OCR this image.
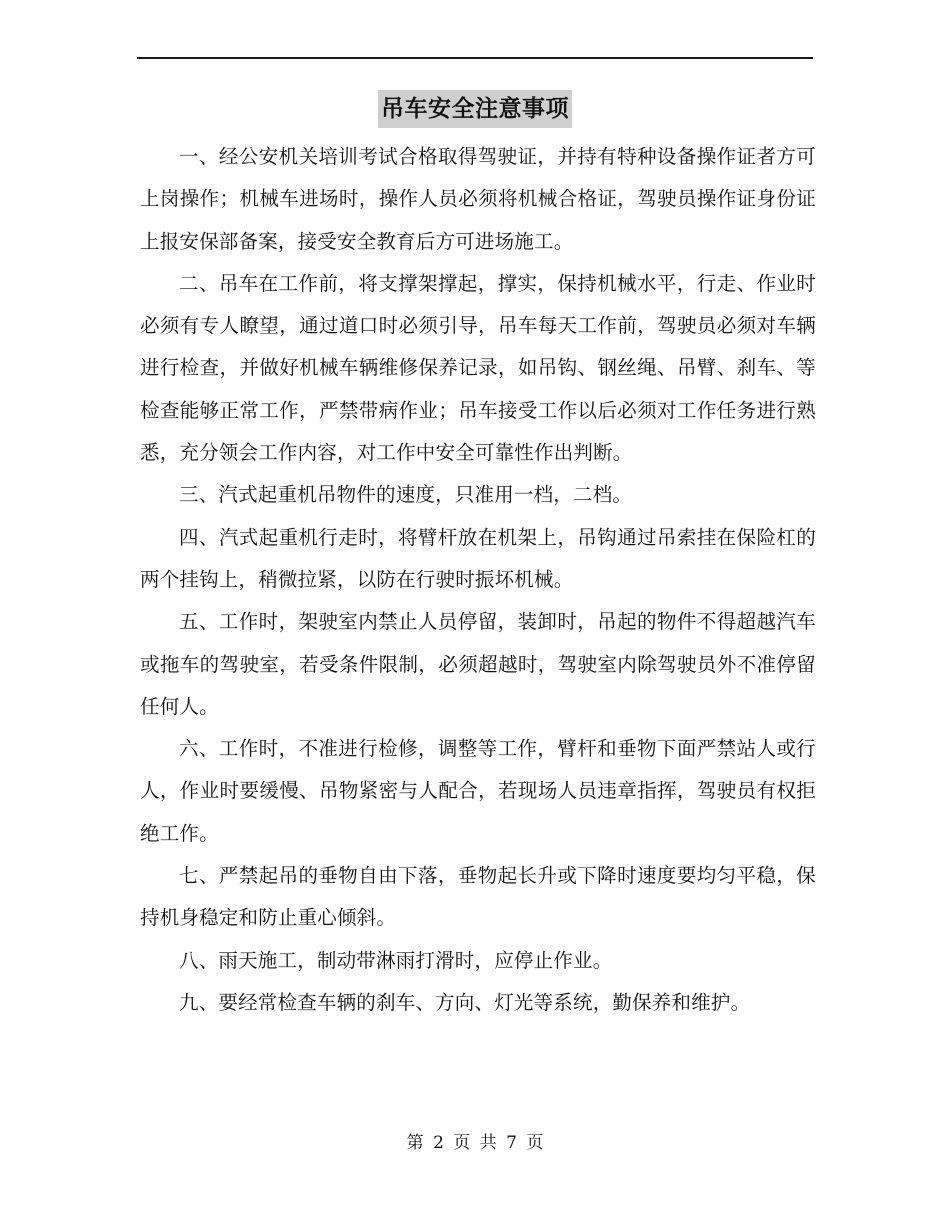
吊车安全注意事项

一、经公安机关培训考试合格取得驾驶证，并持有特种设备操作证者方可上岗操作；机械车进场时，操作人员必须将机械合格证，驾驶员操作证身份证上报安保部备案，接受安全教育后方可进场施工。

二、吊车在工作前，将支撑架撑起，撑实，保持机械水平，行走、作业时必须有专人瞭望，通过道口时必须引导，吊车每天工作前，驾驶员必须对车辆进行检查，并做好机械车辆维修保养记录，如吊钩、钢丝绳、吊臂、刹车、等检查能够正常工作，严禁带病作业；吊车接受工作以后必须对工作任务进行熟悉，充分领会工作内容，对工作中安全可靠性作出判断。

三、汽式起重机吊物件的速度，只准用一档，二档。

四、汽式起重机行走时，将臂杆放在机架上，吊钩通过吊索挂在保险杠的两个挂钩上，稍微拉紧，以防在行驶时振坏机械。

五、工作时，架驶室内禁止人员停留，装卸时，吊起的物件不得超越汽车或拖车的驾驶室，若受条件限制，必须超越时，驾驶室内除驾驶员外不准停留任何人。

六、工作时，不准进行检修，调整等工作，臂杆和垂物下面严禁站人或行人，作业时要缓慢、吊物紧密与人配合，若现场人员违章指挥，驾驶员有权拒绝工作。

七、严禁起吊的垂物自由下落，垂物起长升或下降时速度要均匀平稳，保持机身稳定和防止重心倾斜。

八、雨天施工，制动带淋雨打滑时，应停止作业。

九、要经常检查车辆的刹车、方向、灯光等系统，勤保养和维护。

第 2 页 共 7 页
